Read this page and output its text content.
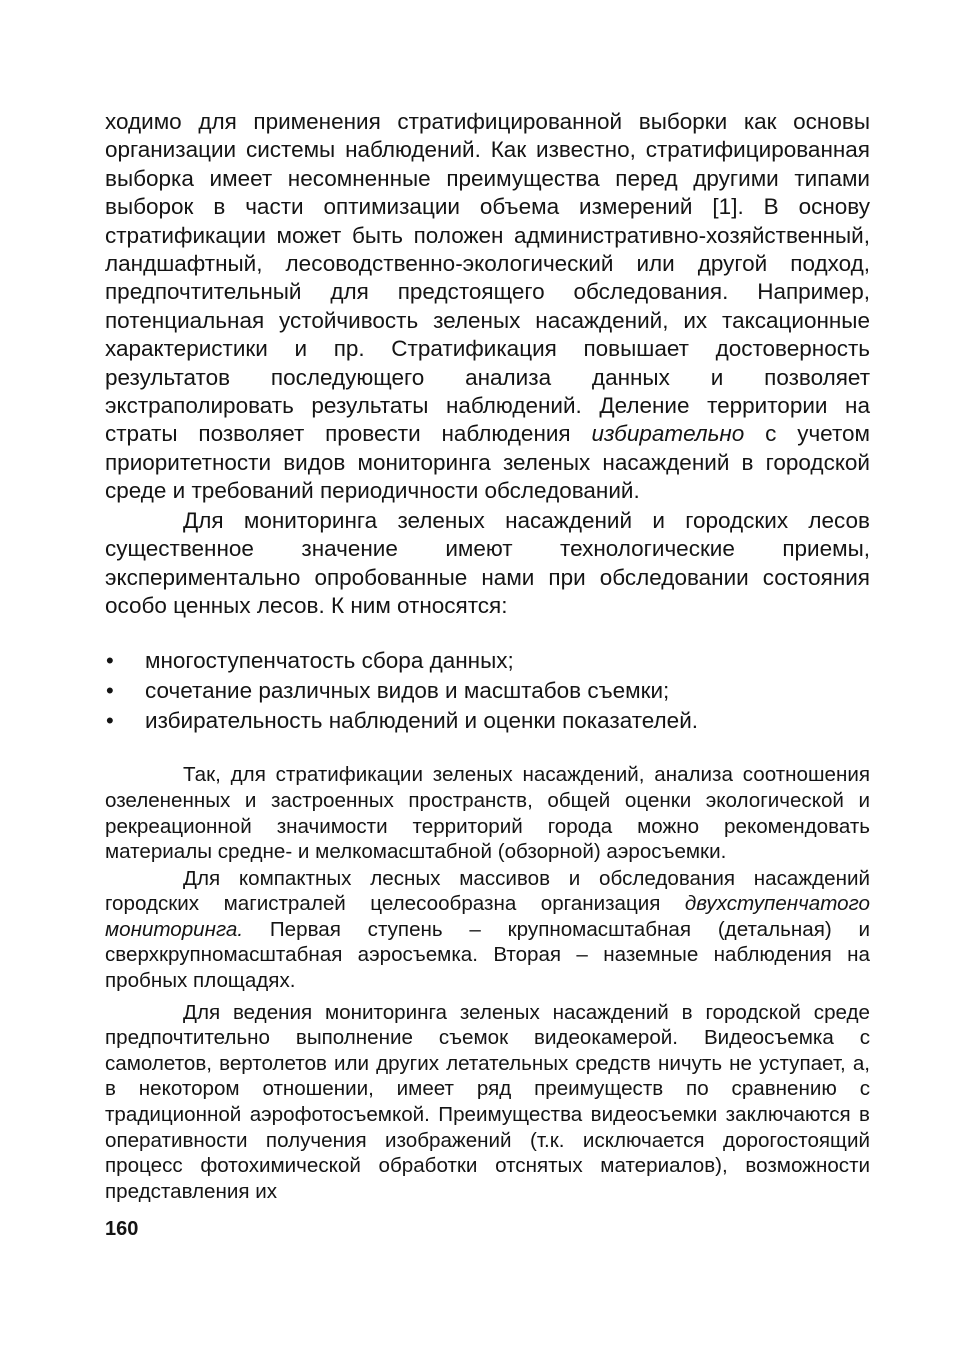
ходимо для применения стратифицированной выборки как основы организации системы наблюдений. Как известно, стратифицированная выборка имеет несомненные преимущества перед другими типами выборок в части оптимизации объема измерений [1]. В основу стратификации может быть положен административно-хозяйственный, ландшафтный, лесоводственно-экологический или другой подход, предпочтительный для предстоящего обследования. Например, потенциальная устойчивость зеленых насаждений, их таксационные характеристики и пр. Стратификация повышает достоверность результатов последующего анализа данных и позволяет экстраполировать результаты наблюдений. Деление территории на страты позволяет провести наблюдения избирательно с учетом приоритетности видов мониторинга зеленых насаждений в городской среде и требований периодичности обследований.

Для мониторинга зеленых насаждений и городских лесов существенное значение имеют технологические приемы, экспериментально опробованные нами при обследовании состояния особо ценных лесов. К ним относятся:

• многоступенчатость сбора данных;
• сочетание различных видов и масштабов съемки;
• избирательность наблюдений и оценки показателей.

Так, для стратификации зеленых насаждений, анализа соотношения озелененных и застроенных пространств, общей оценки экологической и рекреационной значимости территорий города можно рекомендовать материалы средне- и мелкомасштабной (обзорной) аэросъемки.

Для компактных лесных массивов и обследования насаждений городских магистралей целесообразна организация двухступенчатого мониторинга. Первая ступень – крупномасштабная (детальная) и сверхкрупномасштабная аэросъемка. Вторая – наземные наблюдения на пробных площадях.

Для ведения мониторинга зеленых насаждений в городской среде предпочтительно выполнение съемок видеокамерой. Видеосъемка с самолетов, вертолетов или других летательных средств ничуть не уступает, а, в некотором отношении, имеет ряд преимуществ по сравнению с традиционной аэрофотосъемкой. Преимущества видеосъемки заключаются в оперативности получения изображений (т.к. исключается дорогостоящий процесс фотохимической обработки отснятых материалов), возможности представления их

160
